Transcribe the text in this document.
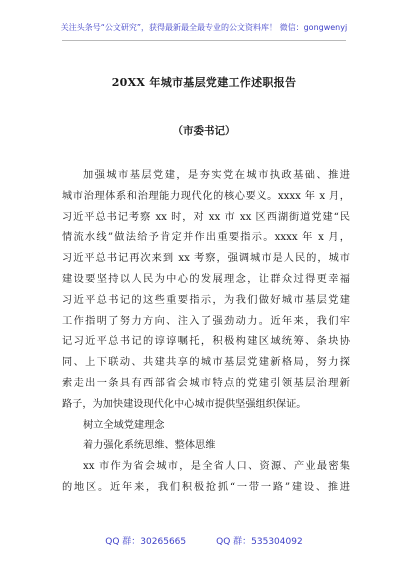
关注头条号“公文研究”，获得最新最全最专业的公文资料库！ 微信：gongwenyj
20XX 年城市基层党建工作述职报告
（市委书记）
加强城市基层党建，是夯实党在城市执政基础、推进
城市治理体系和治理能力现代化的核心要义。xxxx 年 x 月，
习近平总书记考察 xx 时，对 xx 市 xx 区西湖街道党建“民
情流水线”做法给予肯定并作出重要指示。xxxx 年 x 月，
习近平总书记再次来到 xx 考察，强调城市是人民的，城市
建设要坚持以人民为中心的发展理念，让群众过得更幸福
习近平总书记的这些重要指示，为我们做好城市基层党建
工作指明了努力方向、注入了强劲动力。近年来，我们牢
记习近平总书记的谆谆嘱托，积极构建区域统筹、条块协
同、上下联动、共建共享的城市基层党建新格局，努力探
索走出一条具有西部省会城市特点的党建引领基层治理新
路子，为加快建设现代化中心城市提供坚强组织保证。
树立全域党建理念
着力强化系统思维、整体思维
xx 市作为省会城市，是全省人口、资源、产业最密集
的地区。近年来，我们积极抢抓“一带一路”建设、推进
QQ 群：30265665	QQ 群：535304092
